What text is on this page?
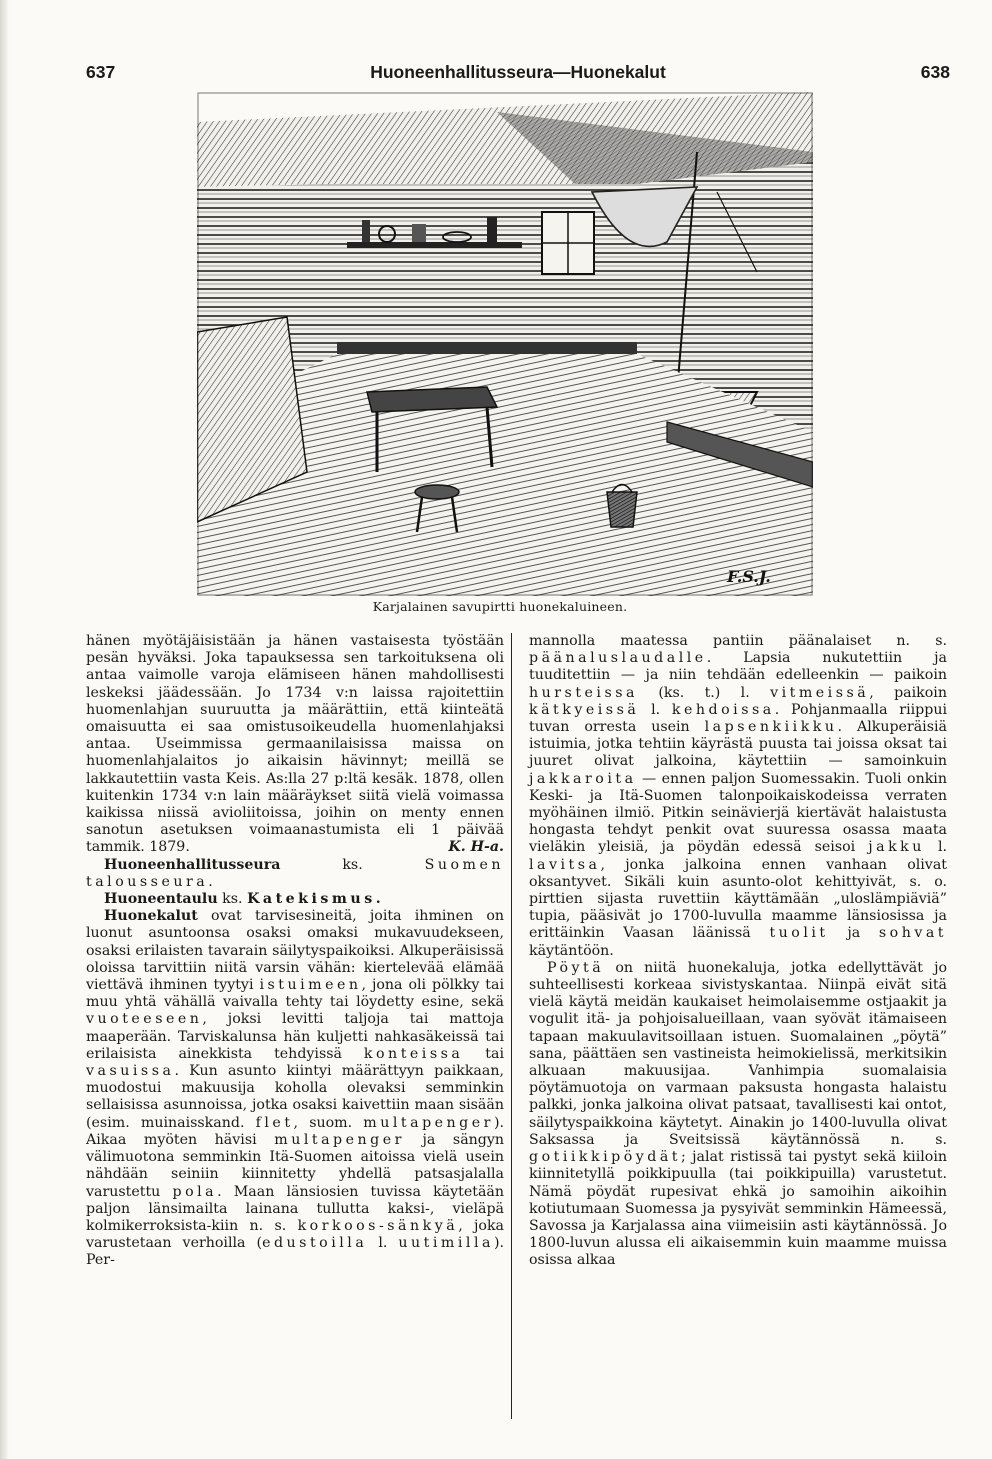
637	Huoneenhallitusseura—Huonekalut	638
F.S.J.
Karjalainen savupirtti huonekaluineen.

hänen myötäjäisistään ja hänen vastaisesta työstään pesän hyväksi. Joka tapauksessa sen tarkoituksena oli antaa vaimolle varoja elämiseen hänen mahdollisesti leskeksi jäädessään. Jo 1734 v:n laissa rajoitettiin huomenlahjan suuruutta ja määrättiin, että kiinteätä omaisuutta ei saa omistusoikeudella huomenlahjaksi antaa. Useimmissa germaanilaisissa maissa on huomenlahjalaitos jo aikaisin hävinnyt; meillä se lakkautettiin vasta Keis. As:lla 27 p:ltä kesäk. 1878, ollen kuitenkin 1734 v:n lain määräykset siitä vielä voimassa kaikissa niissä avioliitoissa, joihin on menty ennen sanotun asetuksen voimaanastumista eli 1 päivää tammik. 1879.	K. H-a.

Huoneenhallitusseura	ks.	Suomen talousseura.

Huoneentaulu ks. Katekismus.

Huonekalut ovat tarvisesineitä, joita ihminen on luonut asuntoonsa osaksi omaksi mukavuudekseen, osaksi erilaisten tavarain säilytyspaikoiksi. Alkuperäisissä oloissa tarvittiin niitä varsin vähän: kiertelevää elämää viettävä ihminen tyytyi istuimeen, jona oli pölkky tai muu yhtä vähällä vaivalla tehty tai löydetty esine, sekä vuoteeseen, joksi levitti taljoja tai mattoja maaperään. Tarviskalunsa hän kuljetti nahkasäkeissä tai erilaisista ainekkista tehdyissä konteissa tai vasuissa. Kun asunto kiintyi määrättyyn paikkaan, muodostui makuusija koholla olevaksi semminkin sellaisissa asunnoissa, jotka osaksi kaivettiin maan sisään (esim. muinaisskand. flet, suom. multapenger). Aikaa myöten hävisi multapenger ja sängyn välimuotona semminkin Itä-Suomen aitoissa vielä usein nähdään seiniin kiinnitetty yhdellä patsasjalalla varustettu pola. Maan länsiosien tuvissa käytetään paljon länsimailta lainana tullutta kaksi-, vieläpä kolmikerroksista-kiin n. s. korkoos-sänkyä, joka varustetaan verhoilla (edustoilla l. uutimilla). Per-

mannolla maatessa pantiin päänalaiset n. s. päänaluslaudalle. Lapsia nukutettiin ja tuuditettiin — ja niin tehdään edelleenkin — paikoin hursteissa (ks. t.) l. vitmeissä, paikoin kätkyeissä l. kehdoissa. Pohjanmaalla riippui tuvan orresta usein lapsenkiikku. Alkuperäisiä istuimia, jotka tehtiin käyrästä puusta tai joissa oksat tai juuret olivat jalkoina, käytettiin — samoinkuin jakkaroita — ennen paljon Suomessakin. Tuoli onkin Keski- ja Itä-Suomen talonpoikaiskodeissa verraten myöhäinen ilmiö. Pitkin seinävierjä kiertävät halaistusta hongasta tehdyt penkit ovat suuressa osassa maata vieläkin yleisiä, ja pöydän edessä seisoi jakku l. lavitsa, jonka jalkoina ennen vanhaan olivat oksantyvet. Sikäli kuin asunto-olot kehittyivät, s. o. pirttien sijasta ruvettiin käyttämään „uloslämpiäviä” tupia, pääsivät jo 1700-luvulla maamme länsiosissa ja erittäinkin Vaasan läänissä tuolit ja sohvat käytäntöön.

Pöytä on niitä huonekaluja, jotka edellyttävät jo suhteellisesti korkeaa sivistyskantaa. Niinpä eivät sitä vielä käytä meidän kaukaiset heimolaisemme ostjaakit ja vogulit itä- ja pohjoisalueillaan, vaan syövät itämaiseen tapaan makuulavitsoillaan istuen. Suomalainen „pöytä” sana, päättäen sen vastineista heimokielissä, merkitsikin alkuaan makuusijaa. Vanhimpia suomalaisia pöytämuotoja on varmaan paksusta hongasta halaistu palkki, jonka jalkoina olivat patsaat, tavallisesti kai ontot, säilytyspaikkoina käytetyt. Ainakin jo 1400-luvulla olivat Saksassa ja Sveitsissä käytännössä n. s. gotiikkipöydät; jalat ristissä tai pystyt sekä kiiloin kiinnitetyllä poikkipuulla (tai poikkipuilla) varustetut. Nämä pöydät rupesivat ehkä jo samoihin aikoihin kotiutumaan Suomessa ja pysyivät semminkin Hämeessä, Savossa ja Karjalassa aina viimeisiin asti käytännössä. Jo 1800-luvun alussa eli aikaisemmin kuin maamme muissa osissa alkaa
